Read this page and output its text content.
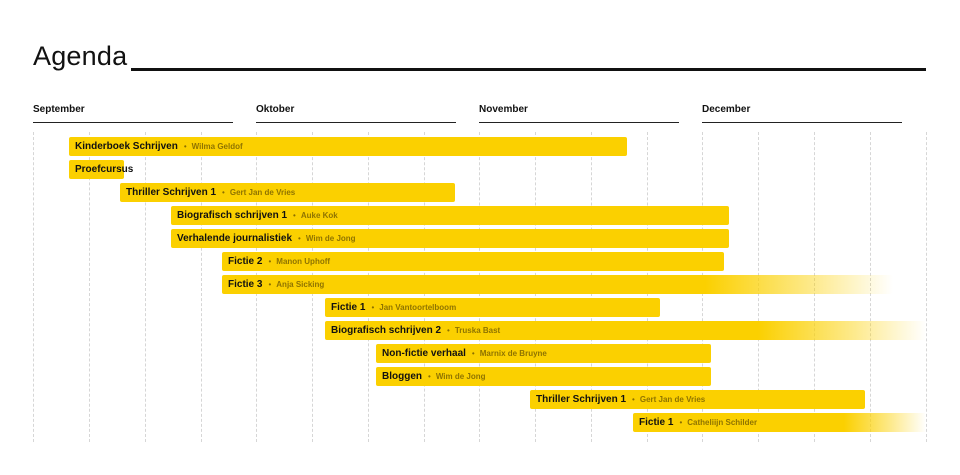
Agenda
September	Oktober	November	December
Kinderboek Schrijven • Wilma Geldof
Proefcursus
Thriller Schrijven 1 • Gert Jan de Vries
Biografisch schrijven 1 • Auke Kok
Verhalende journalistiek • Wim de Jong
Fictie 2 • Manon Uphoff
Fictie 3 • Anja Sicking
Fictie 1 • Jan Vantoortelboom
Biografisch schrijven 2 • Truska Bast
Non-fictie verhaal • Marnix de Bruyne
Bloggen • Wim de Jong
Thriller Schrijven 1 • Gert Jan de Vries
Fictie 1 • Catheliijn Schilder
